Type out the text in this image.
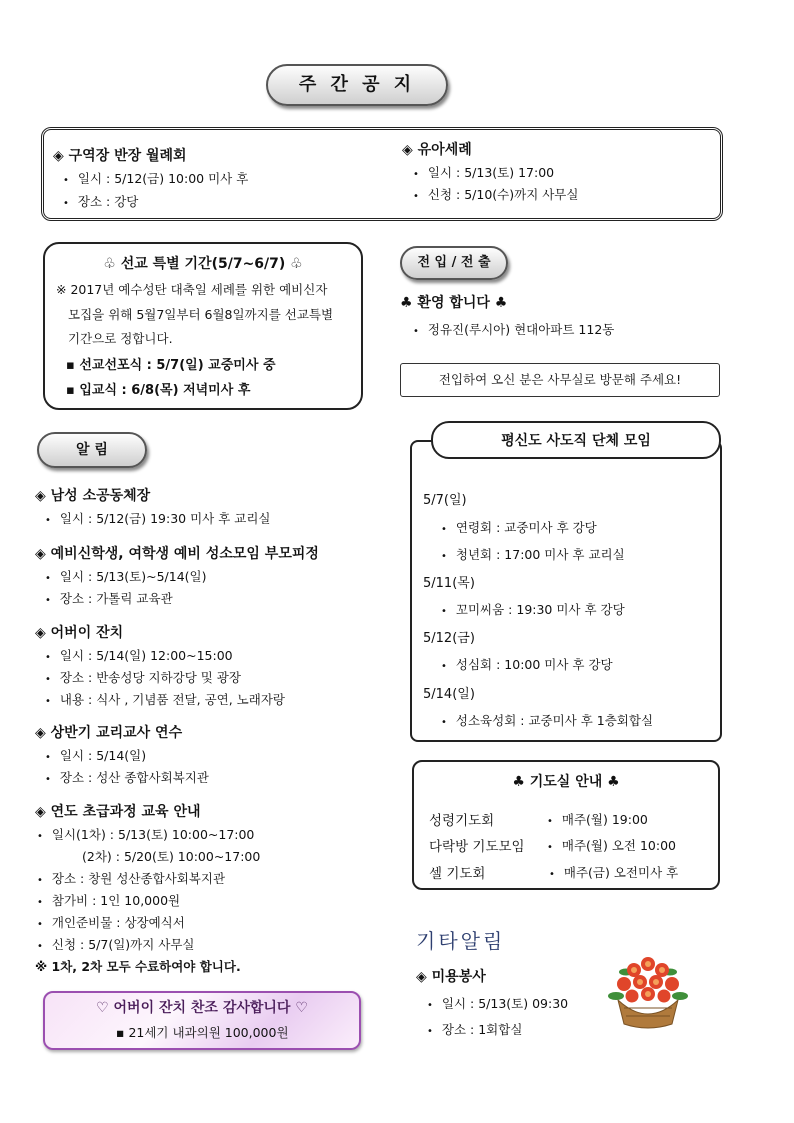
주 간 공 지
◈ 구역장 반장 월례회
• 일시 : 5/12(금) 10:00 미사 후
• 장소 : 강당
◈ 유아세례
• 일시 : 5/13(토) 17:00
• 신청 : 5/10(수)까지 사무실
♧ 선교 특별 기간(5/7~6/7) ♧
※ 2017년 예수성탄 대축일 세례를 위한 예비신자
모집을 위해 5월7일부터 6월8일까지를 선교특별
기간으로 정합니다.
▪ 선교선포식 : 5/7(일) 교중미사 중
▪ 입교식 : 6/8(목) 저녁미사 후
전 입 / 전 출
♣ 환영 합니다 ♣
• 정유진(루시아) 현대아파트 112동
전입하여 오신 분은 사무실로 방문해 주세요!
알 림
◈ 남성 소공동체장
• 일시 : 5/12(금) 19:30 미사 후 교리실
◈ 예비신학생, 여학생 예비 성소모임 부모피정
• 일시 : 5/13(토)~5/14(일)
• 장소 : 가톨릭 교육관
◈ 어버이 잔치
• 일시 : 5/14(일) 12:00~15:00
• 장소 : 반송성당 지하강당 및 광장
• 내용 : 식사 , 기념품 전달, 공연, 노래자랑
◈ 상반기 교리교사 연수
• 일시 : 5/14(일)
• 장소 : 성산 종합사회복지관
◈ 연도 초급과정 교육 안내
• 일시(1차) : 5/13(토) 10:00~17:00
(2차) : 5/20(토) 10:00~17:00
• 장소 : 창원 성산종합사회복지관
• 참가비 : 1인 10,000원
• 개인준비물 : 상장예식서
• 신청 : 5/7(일)까지 사무실
※ 1차, 2차 모두 수료하여야 합니다.
♡ 어버이 잔치 찬조 감사합니다 ♡
▪ 21세기 내과의원 100,000원
평신도 사도직 단체 모임
5/7(일)
• 연령회 : 교중미사 후 강당
• 청년회 : 17:00 미사 후 교리실
5/11(목)
• 꼬미씨움 : 19:30 미사 후 강당
5/12(금)
• 성심회 : 10:00 미사 후 강당
5/14(일)
• 성소육성회 : 교중미사 후 1층회합실
♣ 기도실 안내 ♣
성령기도회	• 매주(월) 19:00
다락방 기도모임	• 매주(월) 오전 10:00
셀 기도회	• 매주(금) 오전미사 후
기타알림
◈ 미용봉사
• 일시 : 5/13(토) 09:30
• 장소 : 1회합실
